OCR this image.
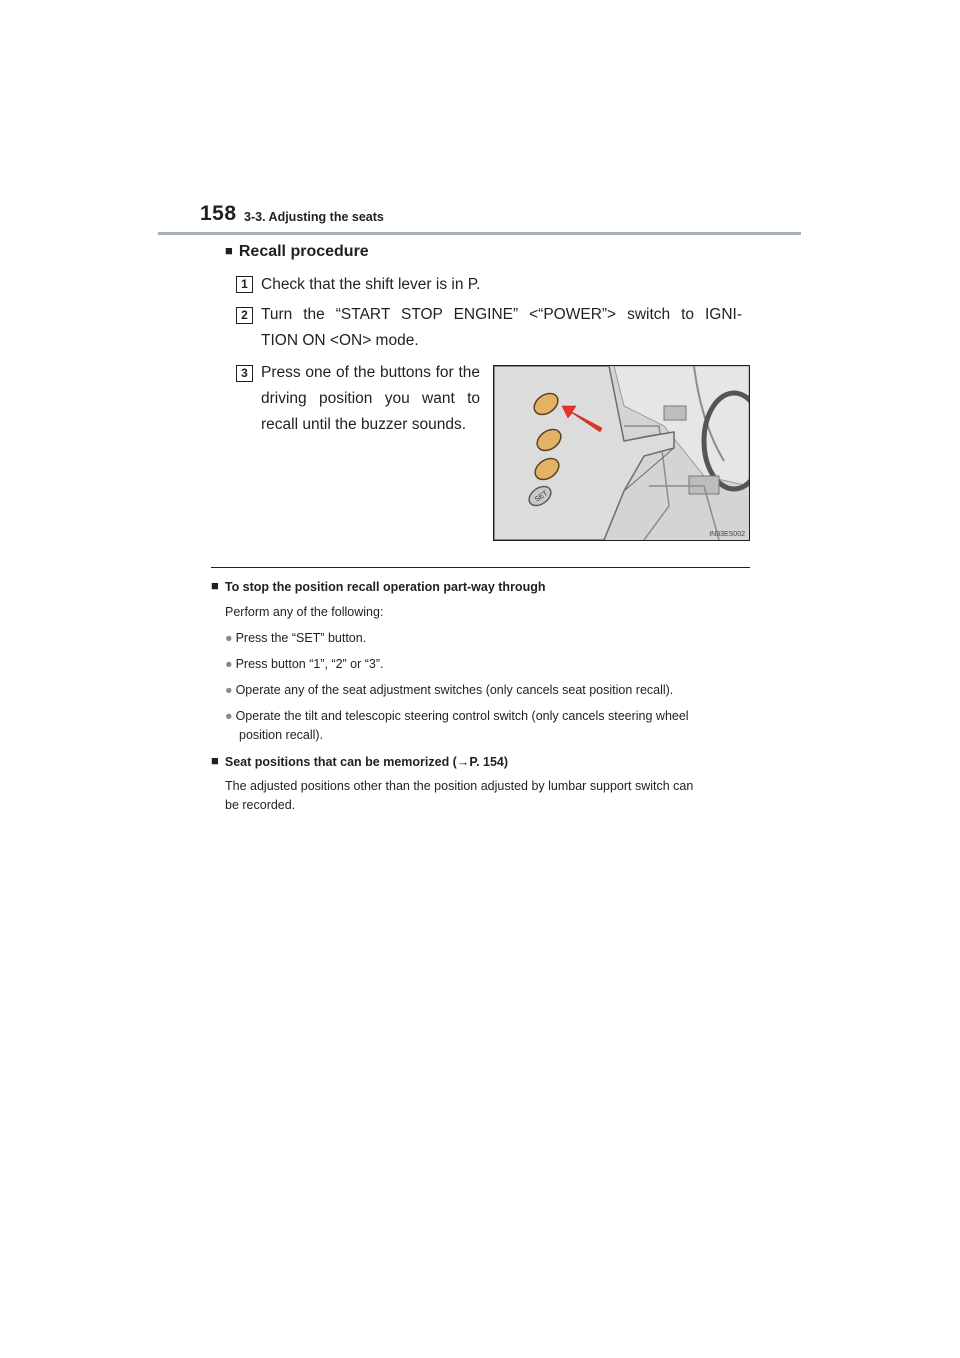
158 3-3. Adjusting the seats
■ Recall procedure
1 Check that the shift lever is in P.
2 Turn the “START STOP ENGINE” <“POWER”> switch to IGNI-
TION ON <ON> mode.
3 Press one of the buttons for the
driving position you want to
recall until the buzzer sounds.
SET
IN33ES002
■ To stop the position recall operation part-way through
Perform any of the following:
● Press the “SET” button.
● Press button “1”, “2” or “3”.
● Operate any of the seat adjustment switches (only cancels seat position recall).
● Operate the tilt and telescopic steering control switch (only cancels steering wheel
position recall).
■ Seat positions that can be memorized (→P. 154)
The adjusted positions other than the position adjusted by lumbar support switch can
be recorded.
